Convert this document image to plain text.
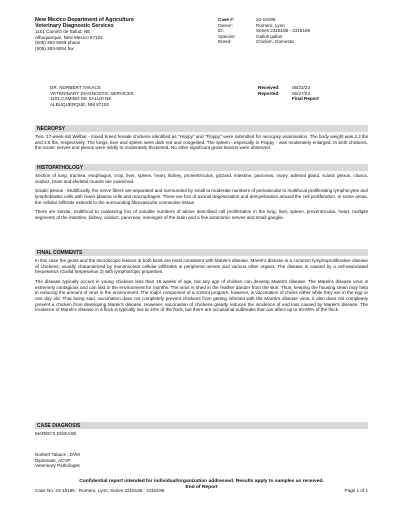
New Mexico Department of Agriculture
Veterinary Diagnostic Services
1101 Camino de Salud, NE
Albuquerque, New Mexico 87102
(505) 383-9299 phone
(505) 383-9294 fax
Case #:	23-18195
Owner:	Romero, Lynn
ID:	Series 2318195 - 2318196
Species:	Gallus gallus
Breed:	Chicken, Domestic
DR. NORBERT TAKACS
VETERINARY DIAGNOSTIC SERVICES
1101 CAMINO DE SALUD NE
ALBUQUERQUE, NM 87102
Received:	06/22/23
Reported:	06/27/23
Final Report
NECROPSY
Two, 17-week-old Welbar - mixed breed female chickens identified as "Hoppy" and "Floppy" were submitted for necropsy examination. The body weight was 2.2 lbs and 2.6 lbs, respectively. The lungs, liver and spleen were dark red and congested. The spleen - especially in Floppy - was moderately enlarged. In both chickens, the sciatic nerves and plexus were mildly to moderately thickened. No other significant gross lesions were observed.
HISTOPATHOLOGY
Section of lung, trachea, esophagus, crop, liver, spleen, heart, kidney, proventriculus, gizzard, intestine, pancreas, ovary, adrenal gland, sciatic plexus, cloaca, oviduct, brain and skeletal muscle are examined.
Sciatic plexus - Multifocally, the nerve fibers are separated and surrounded by small to moderate numbers of perivascular to multifocal proliferating lymphocytes and lymphoblastic cells with fewer plasma cells and macrophages. There are foci of axonal degeneration and demyelination around the cell proliferation. In some areas, the cellular infiltrate extends to the surrounding fibrovascular connective tissue.
There are similar, multifocal to coalescing foci of variable numbers of above described cell proliferation in the lung, liver, spleen, proventriculus, heart, multiple segments of the intestine, kidney, oviduct, pancreas, meninges of the brain and a few autonomic nerves and small ganglia.
FINAL COMMENTS
In this case the gross and the microscopic lesions in both birds are most consistent with Marek's disease. Marek's disease is a common lymphoproliferative disease of chickens, usually characterized by mononuclear cellular infiltrates in peripheral nerves and various other organs. The disease is caused by a cell-associated herpesvirus (Gallid herpesvirus 2) with lymphotropic properties.
The disease typically occurs in young chickens less than 16 weeks of age, but any age of chicken can develop Marek's disease. The Marek's disease virus is extremely contagious and can last in the environment for months. The virus is shed in the feather dander from the skin. Thus, keeping the housing clean may help in reducing the amount of virus in the environment. The major component of a control program, however, is vaccination of chicks either while they are in the egg or one day old. That being said, vaccination does not completely prevent chickens from getting infected with the Marek's disease virus, it also does not completely prevent a chicken from developing Marek's disease. However, vaccination of chickens greatly reduces the incidence of and loss caused by Marek's disease. The incidence of Marek's disease in a flock is typically low at 10% of the flock, but there are occasional outbreaks that can affect up to 50-60% of the flock.
CASE DIAGNOSIS
MAREK'S DISEASE
Norbert Takacs , DVM
Diplomate, ACVP
Veterinary Pathologist
Confidential report intended for individual/organization addressed. Results apply to samples as received.
End of Report
Case No. 23-18195 - Romero, Lynn; Series 2318195 - 2318196	Page 1 of 1
